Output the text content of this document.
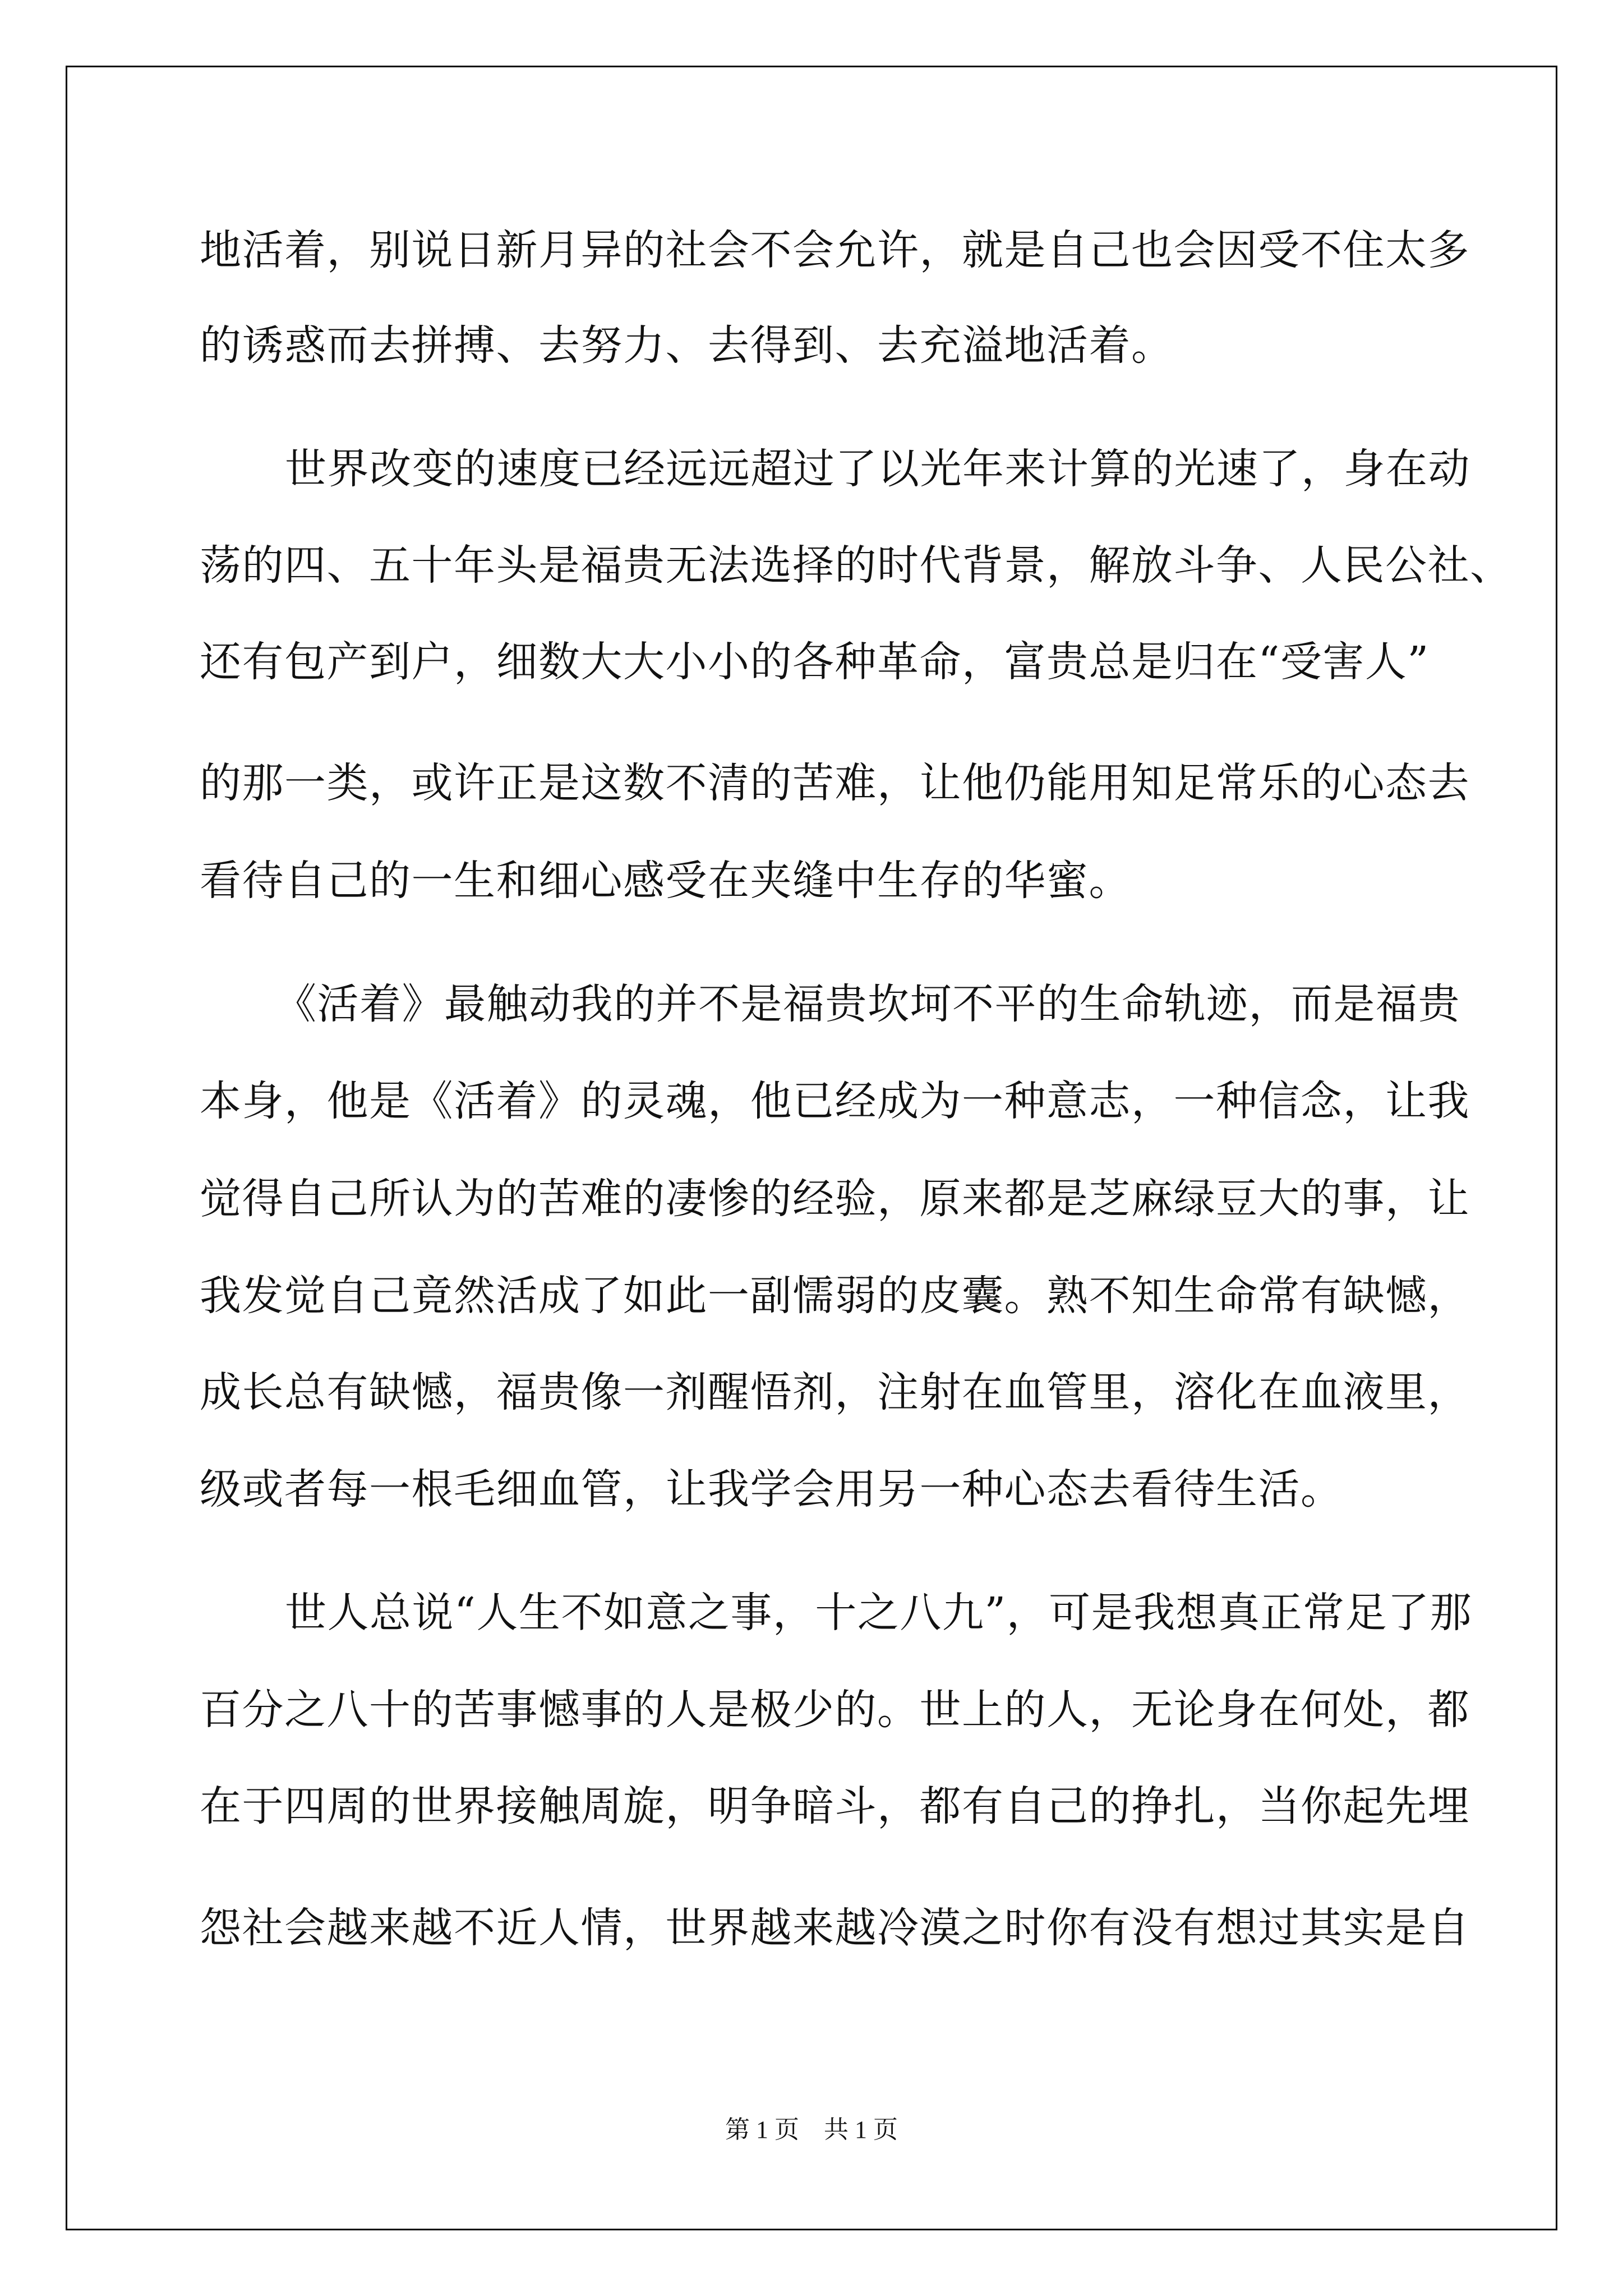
地活着，别说日新月异的社会不会允许，就是自己也会因受不住太多
的诱惑而去拼搏、去努力、去得到、去充溢地活着。
世界改变的速度已经远远超过了以光年来计算的光速了，身在动
荡的四、五十年头是福贵无法选择的时代背景，解放斗争、人民公社、
还有包产到户，细数大大小小的各种革命，富贵总是归在“受害人”
的那一类，或许正是这数不清的苦难，让他仍能用知足常乐的心态去
看待自己的一生和细心感受在夹缝中生存的华蜜。
《活着》最触动我的并不是福贵坎坷不平的生命轨迹，而是福贵
本身，他是《活着》的灵魂，他已经成为一种意志，一种信念，让我
觉得自己所认为的苦难的凄惨的经验，原来都是芝麻绿豆大的事，让
我发觉自己竟然活成了如此一副懦弱的皮囊。熟不知生命常有缺憾，
成长总有缺憾，福贵像一剂醒悟剂，注射在血管里，溶化在血液里，
级或者每一根毛细血管，让我学会用另一种心态去看待生活。
世人总说“人生不如意之事，十之八九”，可是我想真正常足了那
百分之八十的苦事憾事的人是极少的。世上的人，无论身在何处，都
在于四周的世界接触周旋，明争暗斗，都有自己的挣扎，当你起先埋
怨社会越来越不近人情，世界越来越冷漠之时你有没有想过其实是自
第 1 页　共 1 页
